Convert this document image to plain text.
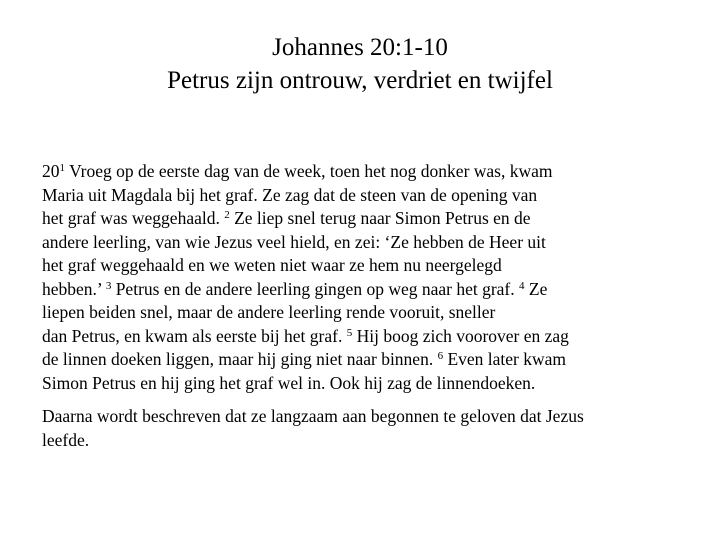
Johannes 20:1-10
Petrus zijn ontrouw, verdriet en twijfel

$20^1$ Vroeg op de eerste dag van de week, toen het nog donker was, kwam
Maria uit Magdala bij het graf. Ze zag dat de steen van de opening van
het graf was weggehaald. $^2$ Ze liep snel terug naar Simon Petrus en de
andere leerling, van wie Jezus veel hield, en zei: ‘Ze hebben de Heer uit
het graf weggehaald en we weten niet waar ze hem nu neergelegd
hebben.’ $^3$ Petrus en de andere leerling gingen op weg naar het graf. $^4$ Ze
liepen beiden snel, maar de andere leerling rende vooruit, sneller
dan Petrus, en kwam als eerste bij het graf. $^5$ Hij boog zich voorover en zag
de linnen doeken liggen, maar hij ging niet naar binnen. $^6$ Even later kwam
Simon Petrus en hij ging het graf wel in. Ook hij zag de linnendoeken.

Daarna wordt beschreven dat ze langzaam aan begonnen te geloven dat Jezus
leefde.
